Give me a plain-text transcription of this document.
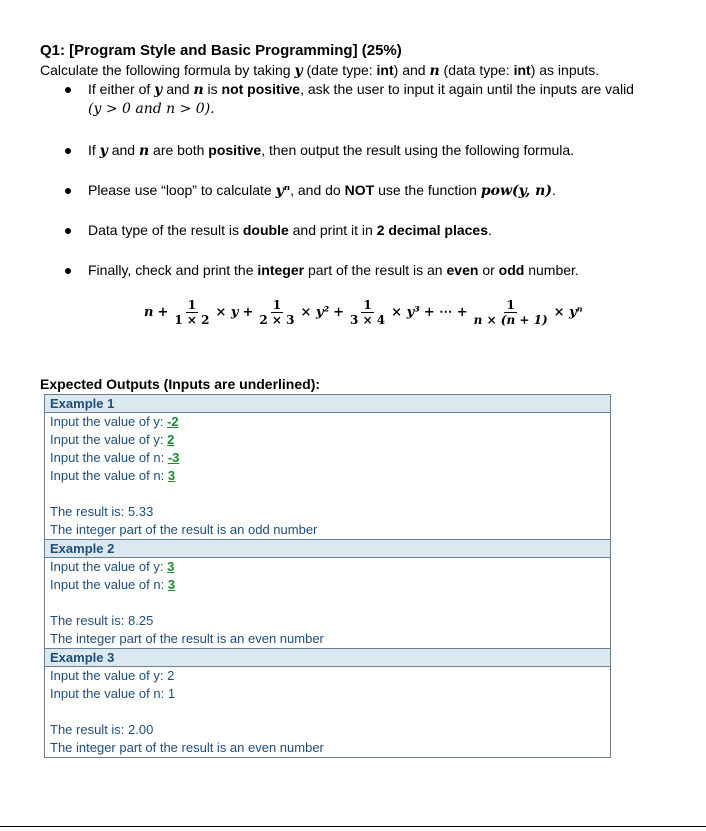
Q1: [Program Style and Basic Programming] (25%)
Calculate the following formula by taking y (date type: int) and n (data type: int) as inputs.
If either of y and n is not positive, ask the user to input it again until the inputs are valid
(y > 0 and n > 0).
If y and n are both positive, then output the result using the following formula.
Please use “loop” to calculate yⁿ, and do NOT use the function pow(y, n).
Data type of the result is double and print it in 2 decimal places.
Finally, check and print the integer part of the result is an even or odd number.
$n + \frac{1}{1 \times 2} \times y + \frac{1}{2 \times 3} \times y^2 + \frac{1}{3 \times 4} \times y^3$ + ⋯ + $\frac{1}{n \times (n + 1)} \times y^n$
Expected Outputs (Inputs are underlined):
Example 1
Input the value of y: -2
Input the value of y: 2
Input the value of n: -3
Input the value of n: 3
The result is: 5.33
The integer part of the result is an odd number
Example 2
Input the value of y: 3
Input the value of n: 3
The result is: 8.25
The integer part of the result is an even number
Example 3
Input the value of y: 2
Input the value of n: 1
The result is: 2.00
The integer part of the result is an even number
